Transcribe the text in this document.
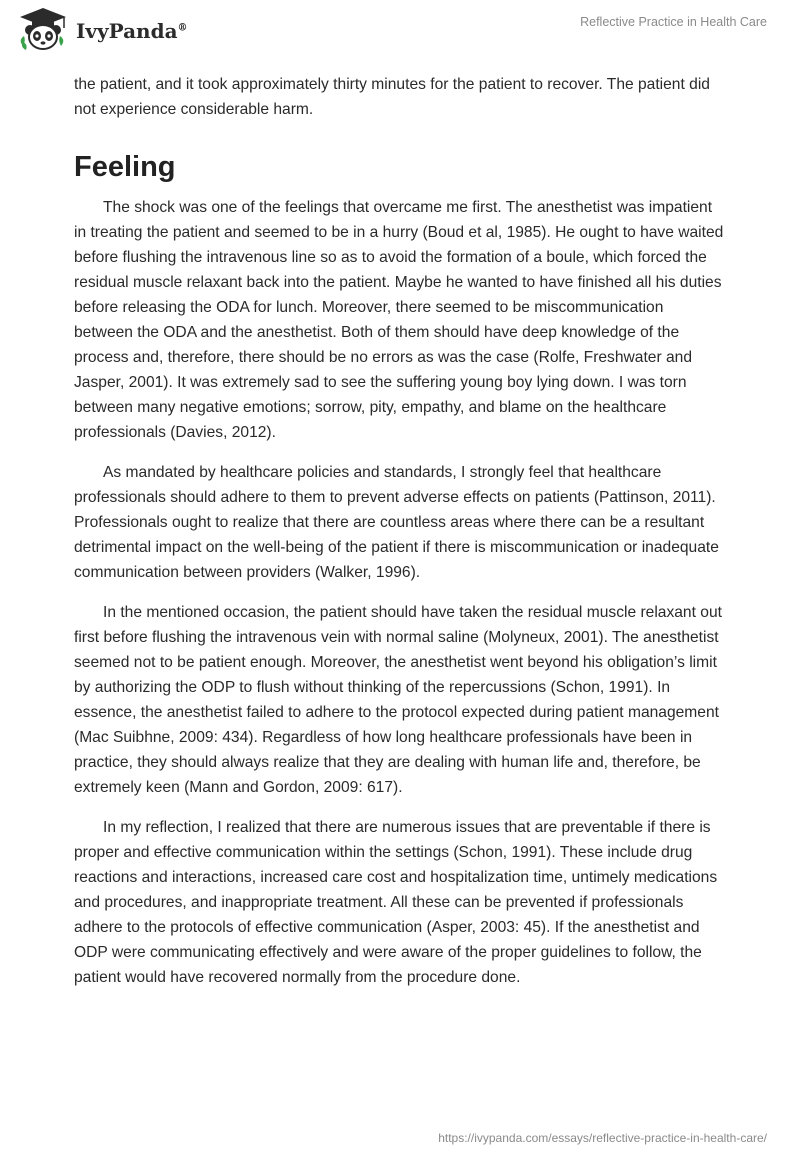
IvyPanda®	Reflective Practice in Health Care

the patient, and it took approximately thirty minutes for the patient to recover. The patient did not experience considerable harm.

Feeling

The shock was one of the feelings that overcame me first. The anesthetist was impatient in treating the patient and seemed to be in a hurry (Boud et al, 1985). He ought to have waited before flushing the intravenous line so as to avoid the formation of a boule, which forced the residual muscle relaxant back into the patient. Maybe he wanted to have finished all his duties before releasing the ODA for lunch. Moreover, there seemed to be miscommunication between the ODA and the anesthetist. Both of them should have deep knowledge of the process and, therefore, there should be no errors as was the case (Rolfe, Freshwater and Jasper, 2001). It was extremely sad to see the suffering young boy lying down. I was torn between many negative emotions; sorrow, pity, empathy, and blame on the healthcare professionals (Davies, 2012).

As mandated by healthcare policies and standards, I strongly feel that healthcare professionals should adhere to them to prevent adverse effects on patients (Pattinson, 2011). Professionals ought to realize that there are countless areas where there can be a resultant detrimental impact on the well-being of the patient if there is miscommunication or inadequate communication between providers (Walker, 1996).

In the mentioned occasion, the patient should have taken the residual muscle relaxant out first before flushing the intravenous vein with normal saline (Molyneux, 2001). The anesthetist seemed not to be patient enough. Moreover, the anesthetist went beyond his obligation’s limit by authorizing the ODP to flush without thinking of the repercussions (Schon, 1991). In essence, the anesthetist failed to adhere to the protocol expected during patient management (Mac Suibhne, 2009: 434). Regardless of how long healthcare professionals have been in practice, they should always realize that they are dealing with human life and, therefore, be extremely keen (Mann and Gordon, 2009: 617).

In my reflection, I realized that there are numerous issues that are preventable if there is proper and effective communication within the settings (Schon, 1991). These include drug reactions and interactions, increased care cost and hospitalization time, untimely medications and procedures, and inappropriate treatment. All these can be prevented if professionals adhere to the protocols of effective communication (Asper, 2003: 45). If the anesthetist and ODP were communicating effectively and were aware of the proper guidelines to follow, the patient would have recovered normally from the procedure done.

https://ivypanda.com/essays/reflective-practice-in-health-care/
